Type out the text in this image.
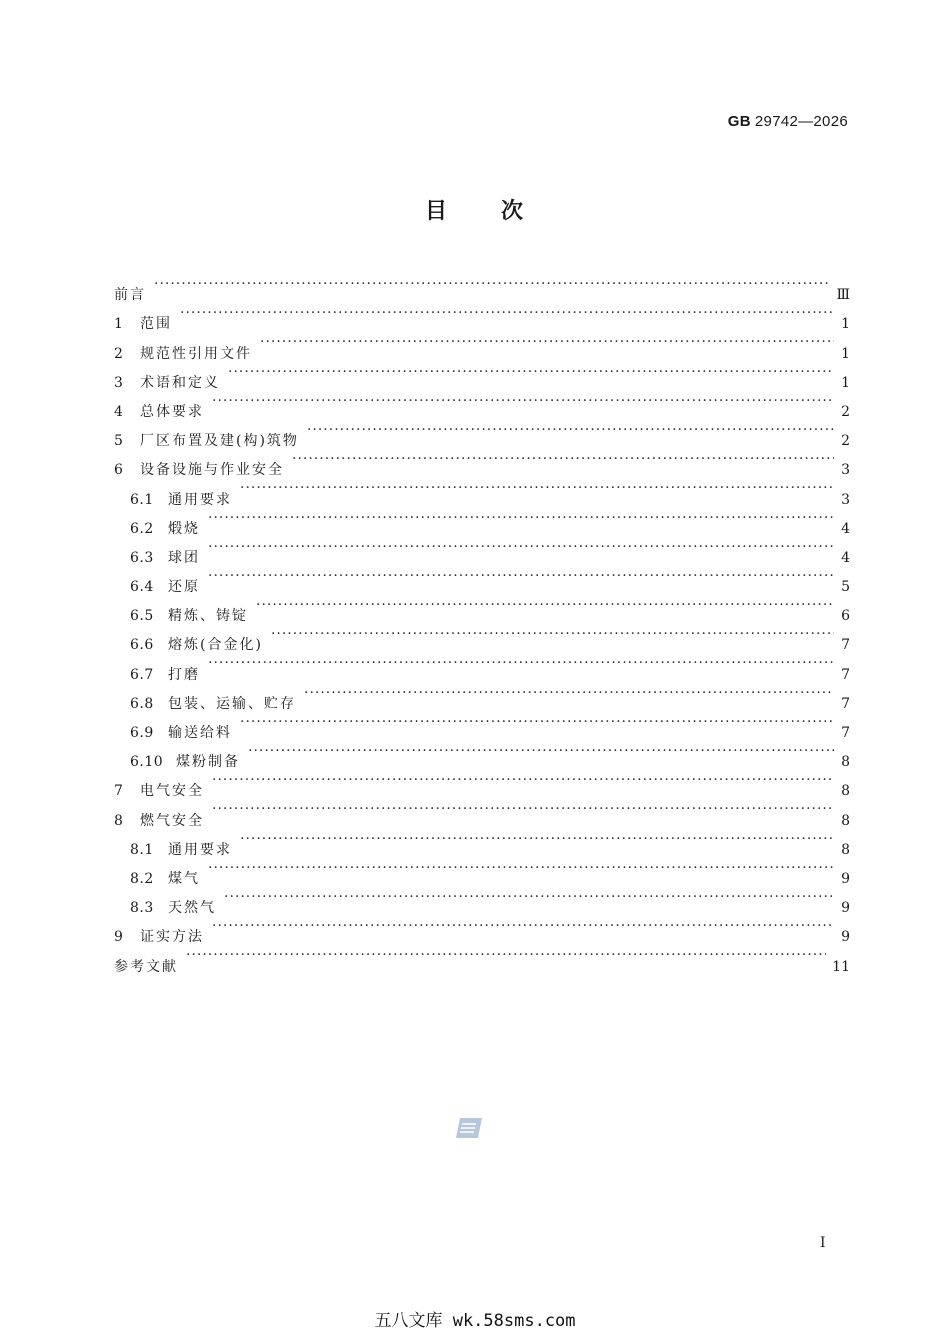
GB 29742—2026
目 次
前言 ·····	Ⅲ
1	范围 ·····	1
2	规范性引用文件 ·····	1
3	术语和定义 ·····	1
4	总体要求 ·····	2
5	厂区布置及建(构)筑物 ·····	2
6	设备设施与作业安全 ·····	3
6.1	通用要求 ·····	3
6.2	煅烧 ·····	4
6.3	球团 ·····	4
6.4	还原 ·····	5
6.5	精炼、铸锭 ·····	6
6.6	熔炼(合金化) ·····	7
6.7	打磨 ·····	7
6.8	包装、运输、贮存 ·····	7
6.9	输送给料 ·····	7
6.10 煤粉制备 ·····	8
7	电气安全 ·····	8
8	燃气安全 ·····	8
8.1	通用要求 ·····	8
8.2	煤气 ·····	9
8.3	天然气 ·····	9
9	证实方法 ·····	9
参考文献 ·····	11
I
五八文库 wk.58sms.com
